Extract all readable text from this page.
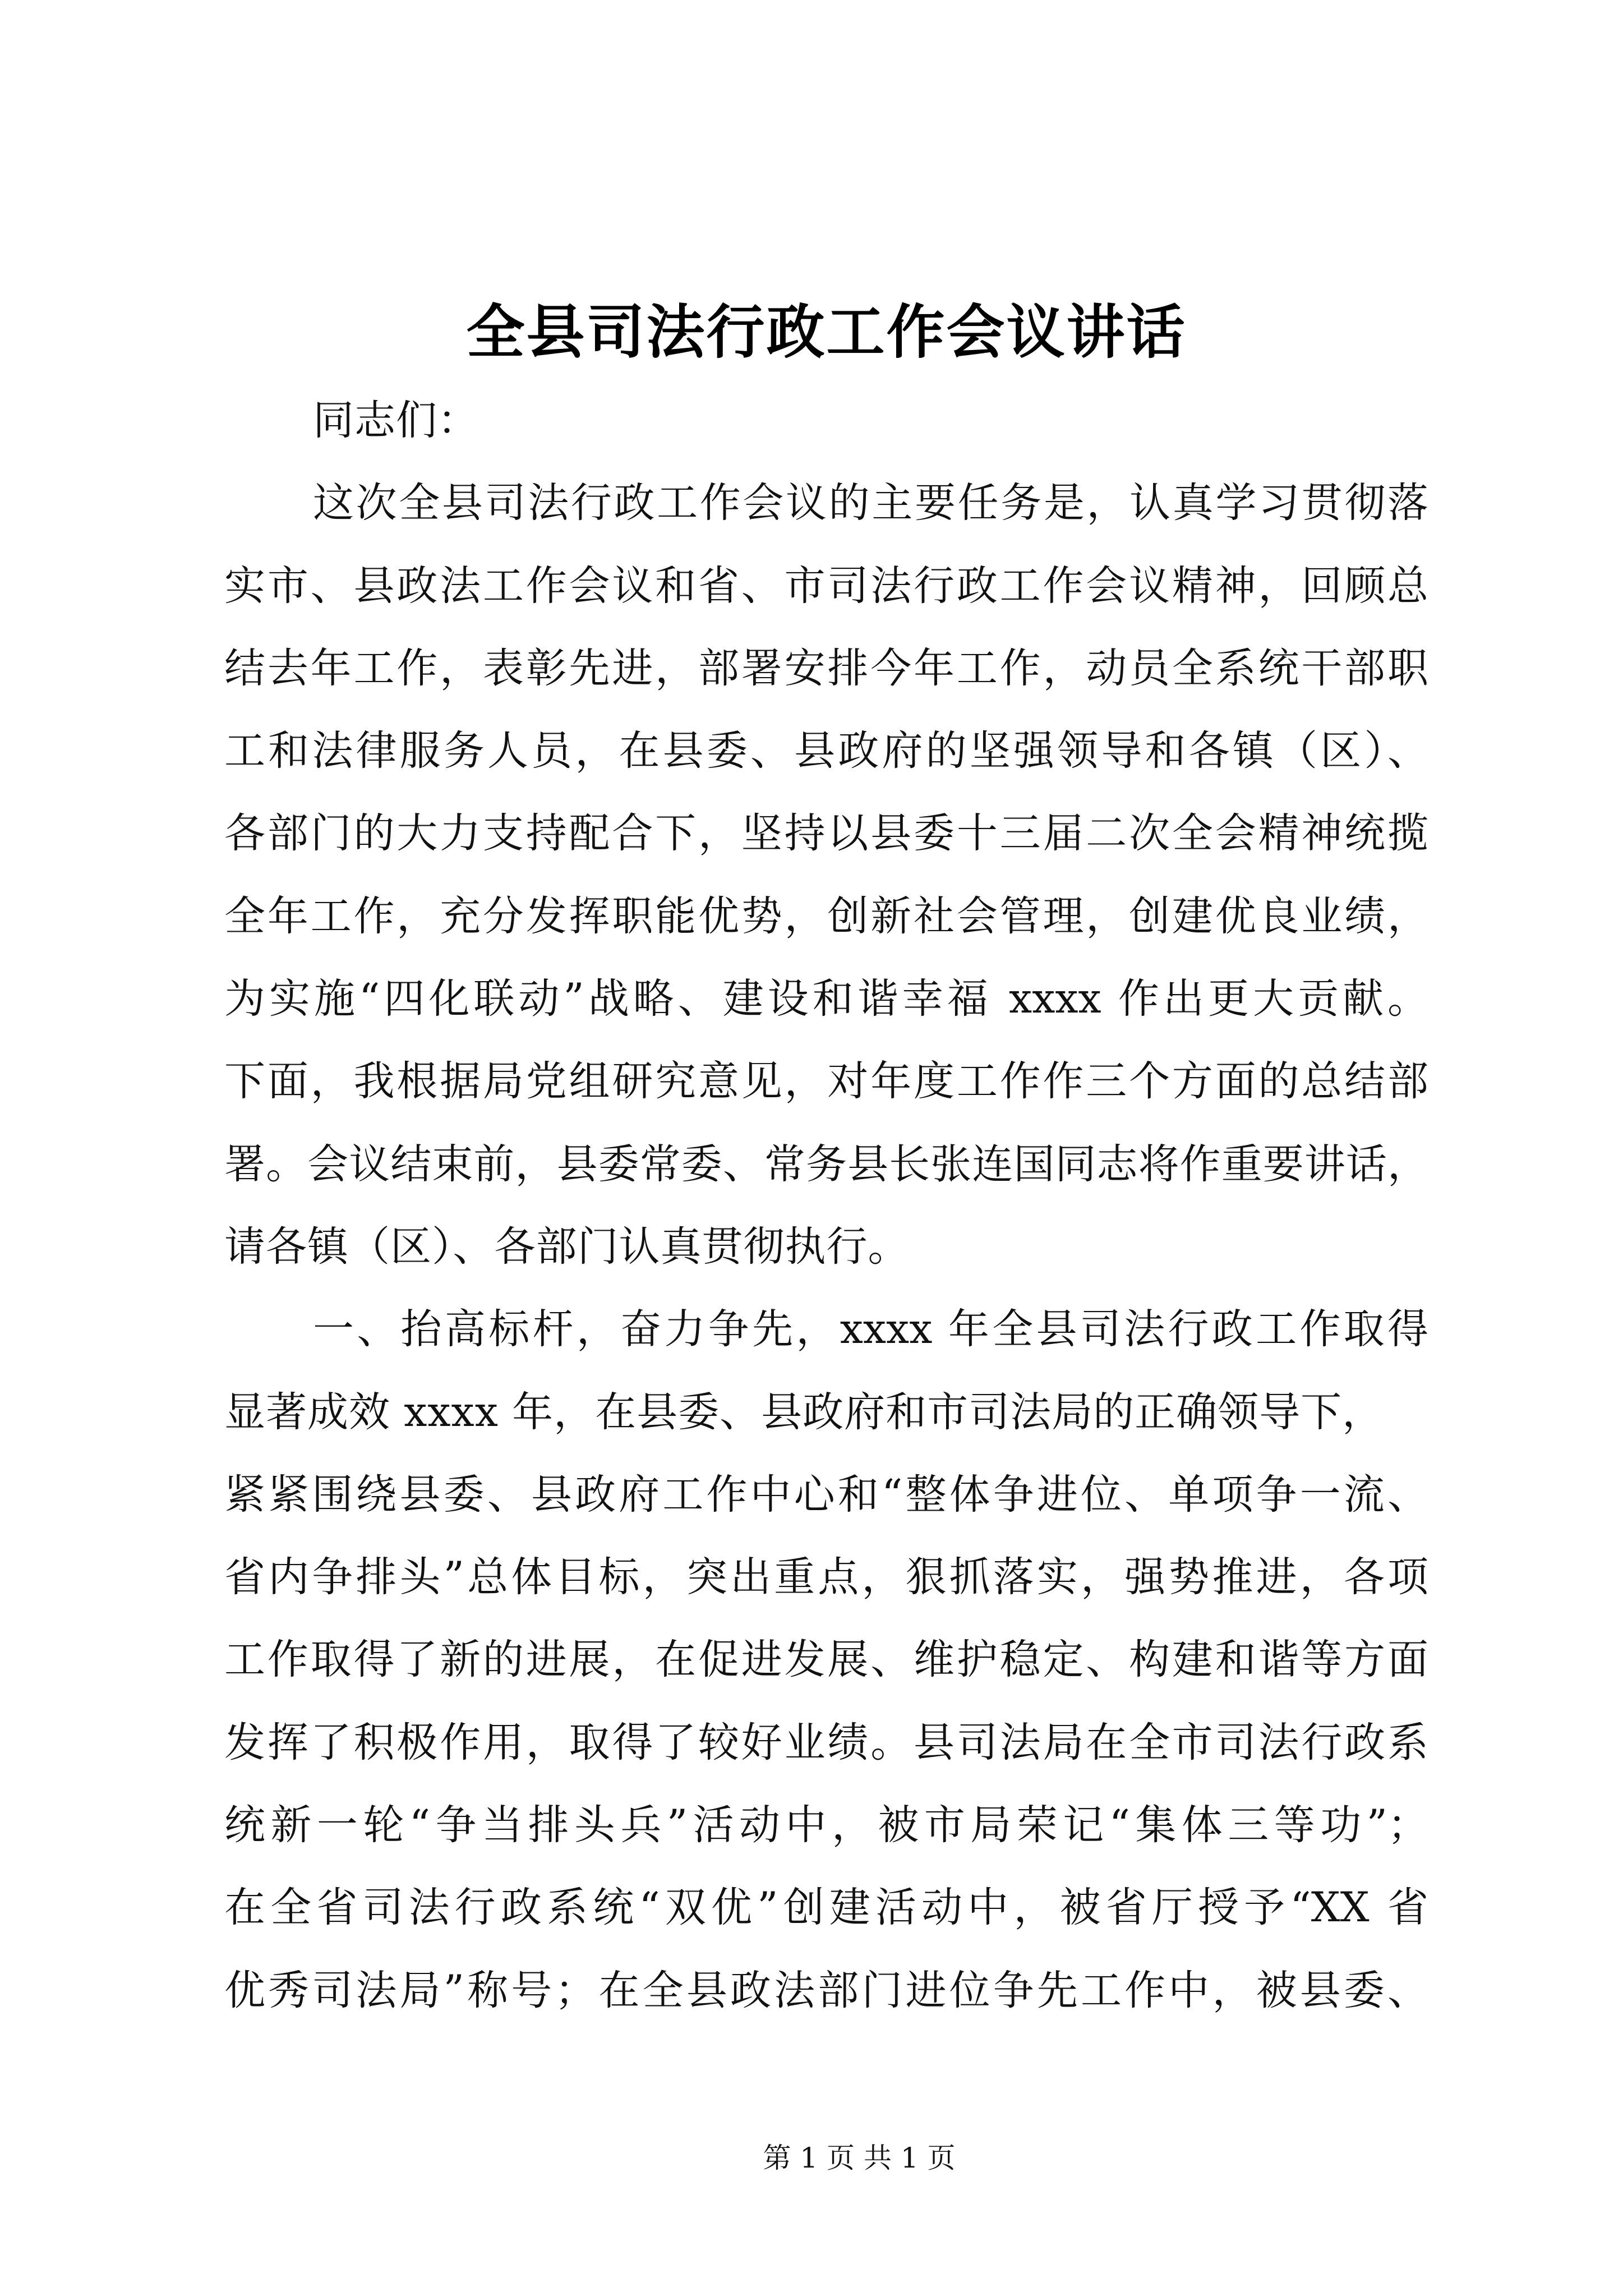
全县司法行政工作会议讲话
同志们：
这次全县司法行政工作会议的主要任务是，认真学习贯彻落
实市、县政法工作会议和省、市司法行政工作会议精神，回顾总
结去年工作，表彰先进，部署安排今年工作，动员全系统干部职
工和法律服务人员，在县委、县政府的坚强领导和各镇（区）、
各部门的大力支持配合下，坚持以县委十三届二次全会精神统揽
全年工作，充分发挥职能优势，创新社会管理，创建优良业绩，
为实施“四化联动”战略、建设和谐幸福 xxxx 作出更大贡献。
下面，我根据局党组研究意见，对年度工作作三个方面的总结部
署。会议结束前，县委常委、常务县长张连国同志将作重要讲话，
请各镇（区）、各部门认真贯彻执行。
一、抬高标杆，奋力争先，xxxx 年全县司法行政工作取得
显著成效 xxxx 年，在县委、县政府和市司法局的正确领导下，
紧紧围绕县委、县政府工作中心和“整体争进位、单项争一流、
省内争排头”总体目标，突出重点，狠抓落实，强势推进，各项
工作取得了新的进展，在促进发展、维护稳定、构建和谐等方面
发挥了积极作用，取得了较好业绩。县司法局在全市司法行政系
统新一轮“争当排头兵”活动中，被市局荣记“集体三等功”；
在全省司法行政系统“双优”创建活动中，被省厅授予“XX 省
优秀司法局”称号；在全县政法部门进位争先工作中，被县委、
第 1 页 共 1 页
